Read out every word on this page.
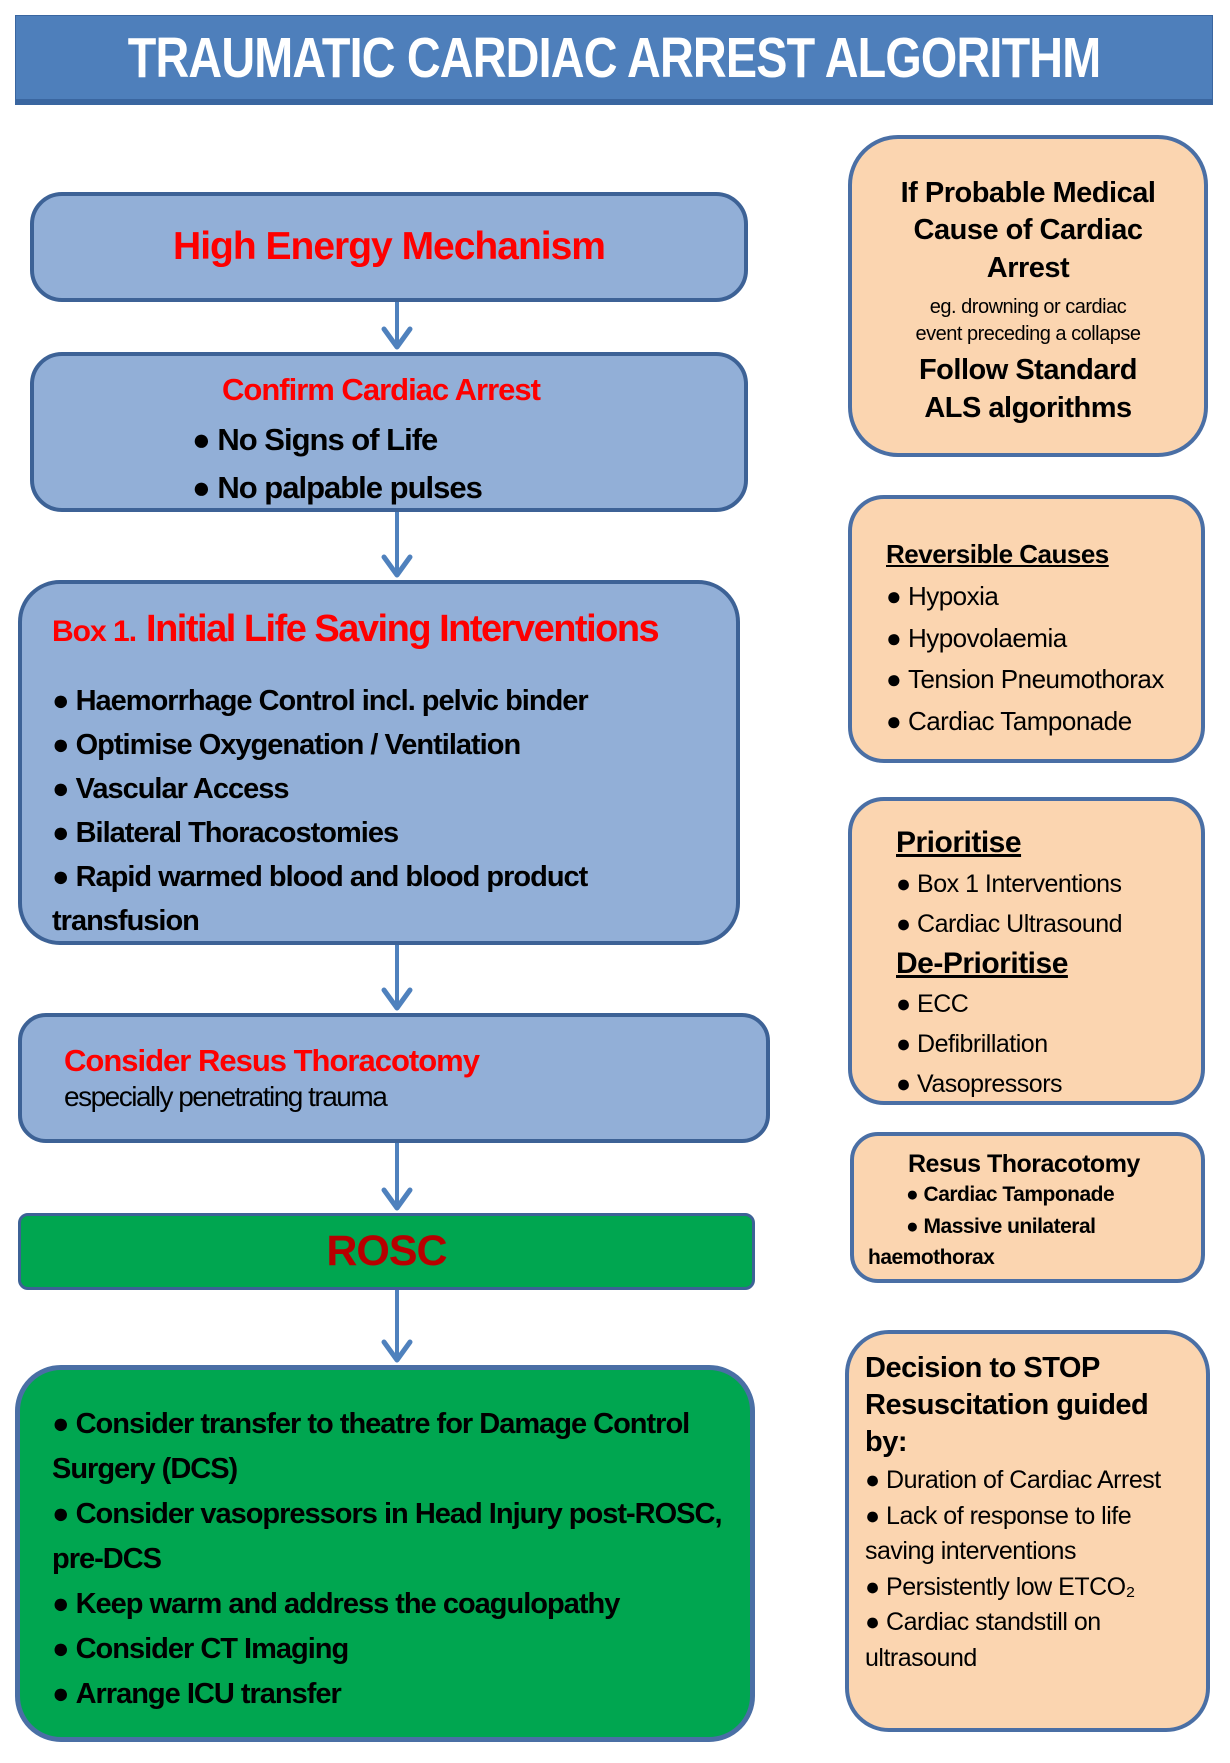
TRAUMATIC CARDIAC ARREST ALGORITHM
High Energy Mechanism
Confirm Cardiac Arrest
● No Signs of Life
● No palpable pulses
Box 1. Initial Life Saving Interventions
● Haemorrhage Control incl. pelvic binder
● Optimise Oxygenation / Ventilation
● Vascular Access
● Bilateral Thoracostomies
● Rapid warmed blood and blood product transfusion
Consider Resus Thoracotomy
especially penetrating trauma
ROSC
● Consider transfer to theatre for Damage Control Surgery (DCS)
● Consider vasopressors in Head Injury post-ROSC, pre-DCS
● Keep warm and address the coagulopathy
● Consider CT Imaging
● Arrange ICU transfer
If Probable Medical Cause of Cardiac Arrest
eg. drowning or cardiac
event preceding a collapse
Follow Standard ALS algorithms
Reversible Causes
● Hypoxia
● Hypovolaemia
● Tension Pneumothorax
● Cardiac Tamponade
Prioritise
● Box 1 Interventions
● Cardiac Ultrasound
De-Prioritise
● ECC
● Defibrillation
● Vasopressors
Resus Thoracotomy
● Cardiac Tamponade
● Massive unilateral haemothorax
Decision to STOP Resuscitation guided by:
● Duration of Cardiac Arrest
● Lack of response to life saving interventions
● Persistently low ETCO₂
● Cardiac standstill on ultrasound
